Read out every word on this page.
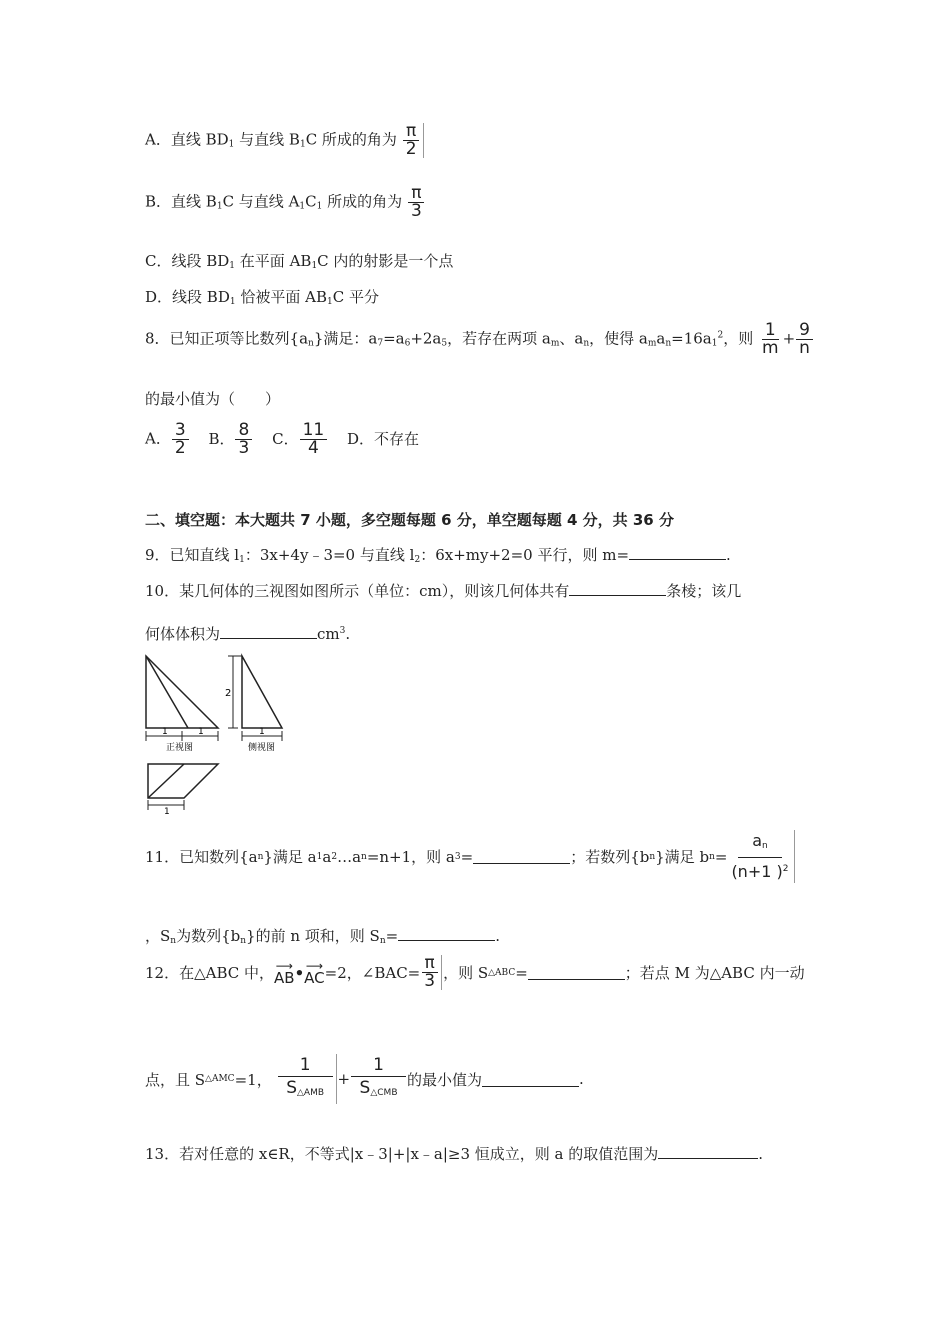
A．直线 $BD_1$ 与直线 $B_1C$ 所成的角为 $\frac{\pi}{2}$
B．直线 $B_1C$ 与直线 $A_1C_1$ 所成的角为 $\frac{\pi}{3}$
C．线段 $BD_1$ 在平面 $AB_1C$ 内的射影是一个点
D．线段 $BD_1$ 恰被平面 $AB_1C$ 平分
8．已知正项等比数列$\{a_n\}$满足：$a_7=a_6+2a_5$，若存在两项 $a_m$、$a_n$，使得 $a_ma_n=16a_1^2$，则 $\frac{1}{m} + \frac{9}{n}$
的最小值为（　　）
A． $\frac{3}{2}$ B． $\frac{8}{3}$ C． $\frac{11}{4}$ D．不存在
二、填空题：本大题共 7 小题，多空题每题 6 分，单空题每题 4 分，共 36 分
9．已知直线 $l_1$：3x+4y﹣3=0 与直线 $l_2$：6x+my+2=0 平行，则 m=	.
10．某几何体的三视图如图所示（单位：cm），则该几何体共有	条棱；该几
何体体积为	$cm^3$.
1	1
2
1
正视图	侧视图
1
11．已知数列{a n }满足 a 1 a 2 …a n =n+1，则 a 3 =	；若数列{b n }满足 b $n = \frac{a_n}{(n+1 )^2}$
，$S_n$为数列$\{b_n\}$的前 n 项和，则 $S_n=$	.
12．在△ABC 中， ⟶
AB • ⟶
AC =2，∠BAC= $\frac{\pi}{3}$ ，则 S △ABC =	；若点 M 为△ABC 内一动
点，且 S △AMC =1， $\frac{1}{S_{\triangle AMB}} + \frac{1}{S_{\triangle CMB}}$ 的最小值为	.
13．若对任意的 x∈R，不等式|x﹣3|+|x﹣a|≥3 恒成立，则 a 的取值范围为	.
